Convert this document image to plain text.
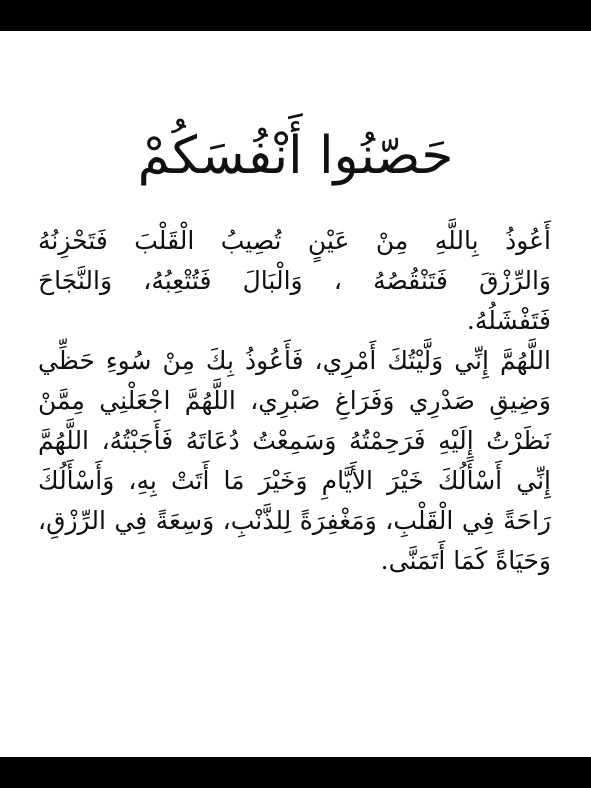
حَصّنُوا أَنْفُسَكُمْ

أَعُوذُ بِاللَّهِ مِنْ عَيْنٍ تُصِيبُ الْقَلْبَ فَتَحْزِنُهُ
وَالرِّزْقَ فَتَنْقُصُهُ ، وَالْبَالَ فَتُتْعِبُهُ، وَالنَّجَاحَ
فَتَفْشَلُهُ.

اللَّهُمَّ إِنِّي وَلَّيْتُكَ أَمْرِي، فَأَعُوذُ بِكَ مِنْ سُوءِ حَظِّي
وَضِيقِ صَدْرِي وَفَرَاغِ صَبْرِي، اللَّهُمَّ اجْعَلْنِي مِمَّنْ
نَظَرْتُ إِلَيْهِ فَرَحِمْتُهُ وَسَمِعْتُ دُعَاتَهُ فَأَجَبْتُهُ، اللَّهُمَّ
إِنِّي أَسْأَلُكَ خَيْرَ الأَيَّامِ وَخَيْرَ مَا أَتَتْ بِهِ، وَأَسْأَلُكَ
رَاحَةً فِي الْقَلْبِ، وَمَغْفِرَةً لِلذَّنْبِ، وَسِعَةً فِي الرِّزْقِ،
وَحَيَاةً كَمَا أَتَمَنَّى.
